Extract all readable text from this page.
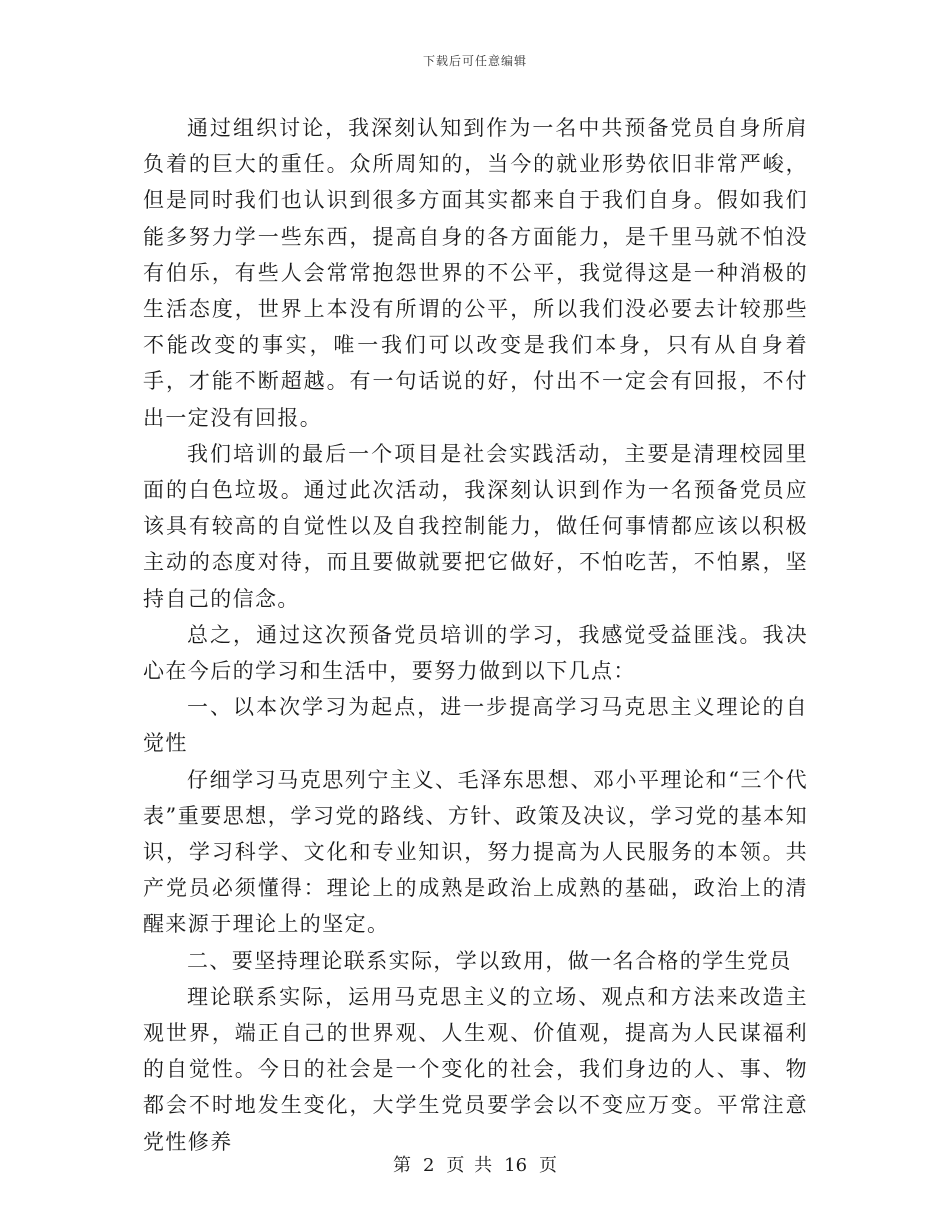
下载后可任意编辑

通过组织讨论，我深刻认知到作为一名中共预备党员自身所肩负着的巨大的重任。众所周知的，当今的就业形势依旧非常严峻，但是同时我们也认识到很多方面其实都来自于我们自身。假如我们能多努力学一些东西，提高自身的各方面能力，是千里马就不怕没有伯乐，有些人会常常抱怨世界的不公平，我觉得这是一种消极的生活态度，世界上本没有所谓的公平，所以我们没必要去计较那些不能改变的事实，唯一我们可以改变是我们本身，只有从自身着手，才能不断超越。有一句话说的好，付出不一定会有回报，不付出一定没有回报。

我们培训的最后一个项目是社会实践活动，主要是清理校园里面的白色垃圾。通过此次活动，我深刻认识到作为一名预备党员应该具有较高的自觉性以及自我控制能力，做任何事情都应该以积极主动的态度对待，而且要做就要把它做好，不怕吃苦，不怕累，坚持自己的信念。

总之，通过这次预备党员培训的学习，我感觉受益匪浅。我决心在今后的学习和生活中，要努力做到以下几点：

一、以本次学习为起点，进一步提高学习马克思主义理论的自觉性

仔细学习马克思列宁主义、毛泽东思想、邓小平理论和“三个代表”重要思想，学习党的路线、方针、政策及决议，学习党的基本知识，学习科学、文化和专业知识，努力提高为人民服务的本领。共产党员必须懂得：理论上的成熟是政治上成熟的基础，政治上的清醒来源于理论上的坚定。

二、要坚持理论联系实际，学以致用，做一名合格的学生党员

理论联系实际，运用马克思主义的立场、观点和方法来改造主观世界，端正自己的世界观、人生观、价值观，提高为人民谋福利的自觉性。今日的社会是一个变化的社会，我们身边的人、事、物都会不时地发生变化，大学生党员要学会以不变应万变。平常注意党性修养

第 2 页 共 16 页
